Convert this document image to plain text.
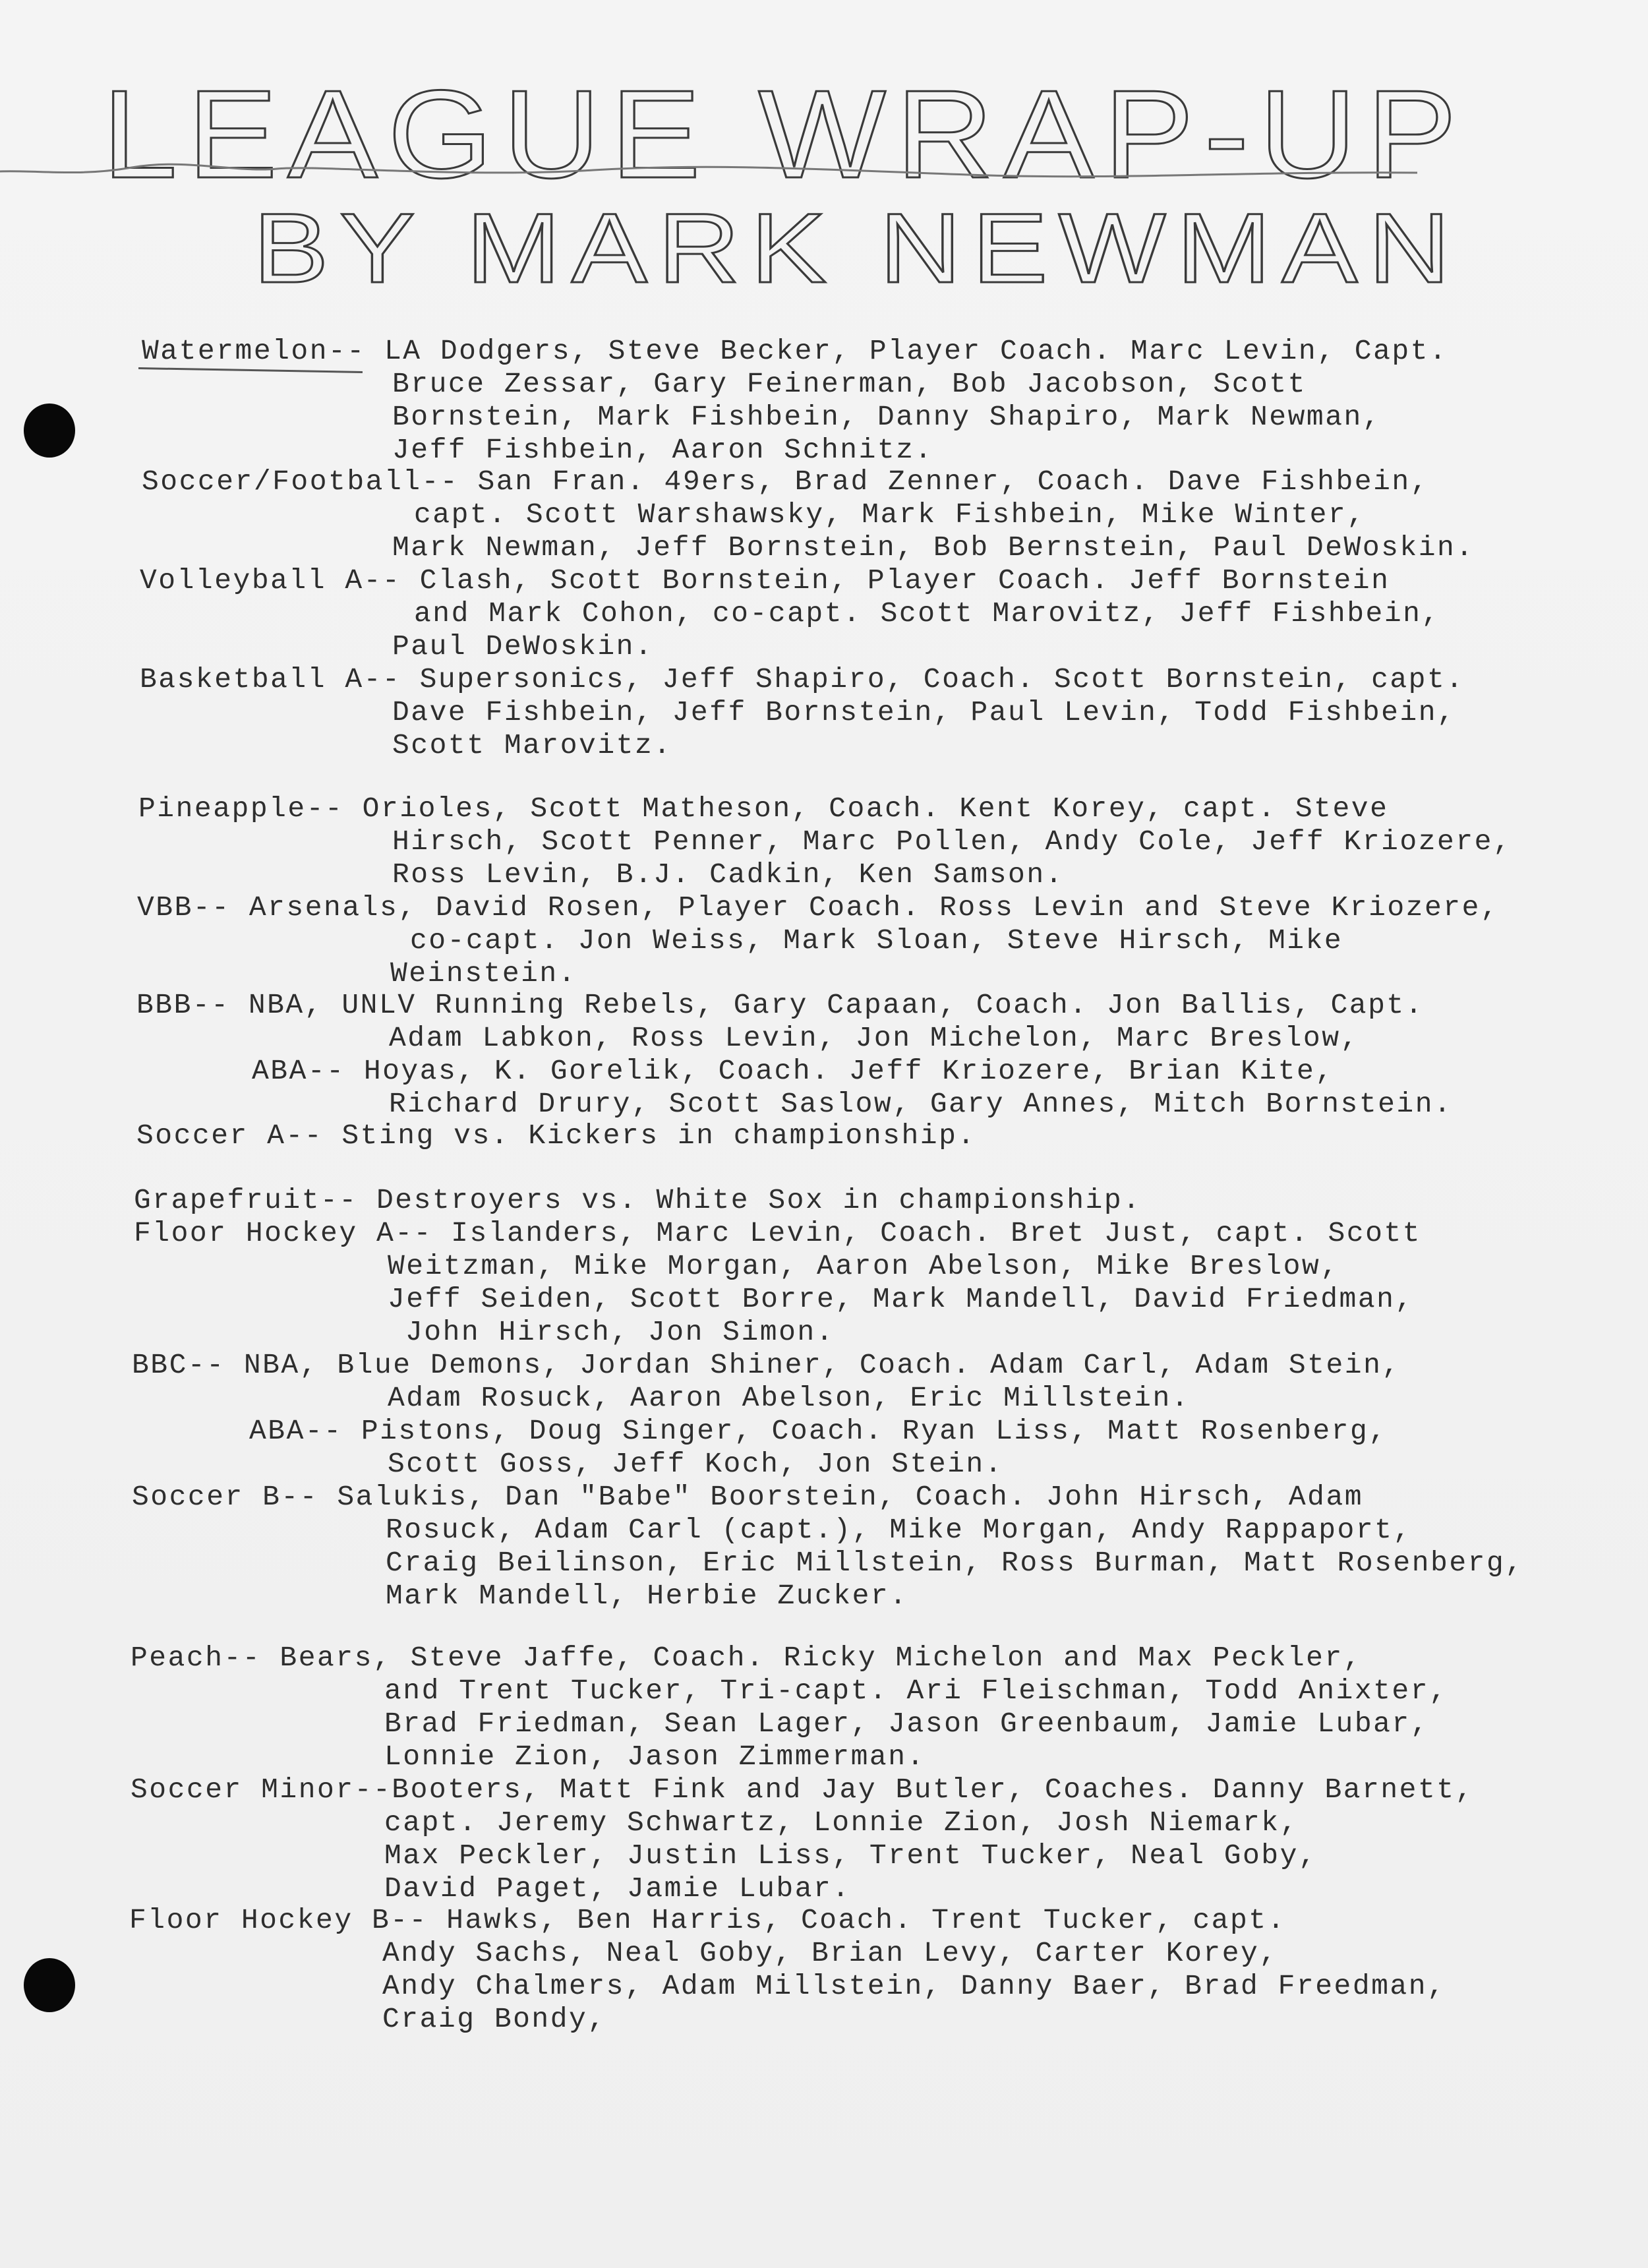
LEAGUE WRAP-UP
BY MARK NEWMAN
Watermelon-- LA Dodgers, Steve Becker, Player Coach. Marc Levin, Capt.
Bruce Zessar, Gary Feinerman, Bob Jacobson, Scott
Bornstein, Mark Fishbein, Danny Shapiro, Mark Newman,
Jeff Fishbein, Aaron Schnitz.
Soccer/Football-- San Fran. 49ers, Brad Zenner, Coach. Dave Fishbein,
capt. Scott Warshawsky, Mark Fishbein, Mike Winter,
Mark Newman, Jeff Bornstein, Bob Bernstein, Paul DeWoskin.
Volleyball A-- Clash, Scott Bornstein, Player Coach. Jeff Bornstein
and Mark Cohon, co-capt. Scott Marovitz, Jeff Fishbein,
Paul DeWoskin.
Basketball A-- Supersonics, Jeff Shapiro, Coach. Scott Bornstein, capt.
Dave Fishbein, Jeff Bornstein, Paul Levin, Todd Fishbein,
Scott Marovitz.
Pineapple-- Orioles, Scott Matheson, Coach. Kent Korey, capt. Steve
Hirsch, Scott Penner, Marc Pollen, Andy Cole, Jeff Kriozere,
Ross Levin, B.J. Cadkin, Ken Samson.
VBB-- Arsenals, David Rosen, Player Coach. Ross Levin and Steve Kriozere,
co-capt. Jon Weiss, Mark Sloan, Steve Hirsch, Mike
Weinstein.
BBB-- NBA, UNLV Running Rebels, Gary Capaan, Coach. Jon Ballis, Capt.
Adam Labkon, Ross Levin, Jon Michelon, Marc Breslow,
ABA-- Hoyas, K. Gorelik, Coach. Jeff Kriozere, Brian Kite,
Richard Drury, Scott Saslow, Gary Annes, Mitch Bornstein.
Soccer A-- Sting vs. Kickers in championship.
Grapefruit-- Destroyers vs. White Sox in championship.
Floor Hockey A-- Islanders, Marc Levin, Coach. Bret Just, capt. Scott
Weitzman, Mike Morgan, Aaron Abelson, Mike Breslow,
Jeff Seiden, Scott Borre, Mark Mandell, David Friedman,
John Hirsch, Jon Simon.
BBC-- NBA, Blue Demons, Jordan Shiner, Coach. Adam Carl, Adam Stein,
Adam Rosuck, Aaron Abelson, Eric Millstein.
ABA-- Pistons, Doug Singer, Coach. Ryan Liss, Matt Rosenberg,
Scott Goss, Jeff Koch, Jon Stein.
Soccer B-- Salukis, Dan "Babe" Boorstein, Coach. John Hirsch, Adam
Rosuck, Adam Carl (capt.), Mike Morgan, Andy Rappaport,
Craig Beilinson, Eric Millstein, Ross Burman, Matt Rosenberg,
Mark Mandell, Herbie Zucker.
Peach-- Bears, Steve Jaffe, Coach. Ricky Michelon and Max Peckler,
and Trent Tucker, Tri-capt. Ari Fleischman, Todd Anixter,
Brad Friedman, Sean Lager, Jason Greenbaum, Jamie Lubar,
Lonnie Zion, Jason Zimmerman.
Soccer Minor--Booters, Matt Fink and Jay Butler, Coaches. Danny Barnett,
capt. Jeremy Schwartz, Lonnie Zion, Josh Niemark,
Max Peckler, Justin Liss, Trent Tucker, Neal Goby,
David Paget, Jamie Lubar.
Floor Hockey B-- Hawks, Ben Harris, Coach. Trent Tucker, capt.
Andy Sachs, Neal Goby, Brian Levy, Carter Korey,
Andy Chalmers, Adam Millstein, Danny Baer, Brad Freedman,
Craig Bondy,
